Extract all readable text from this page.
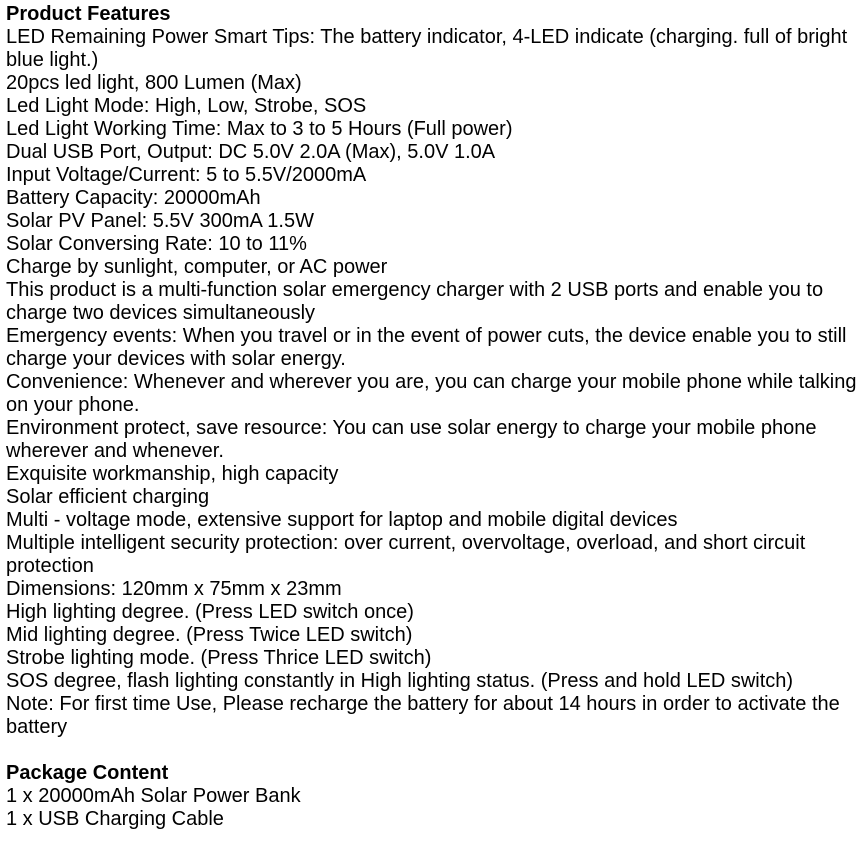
Product Features

LED Remaining Power Smart Tips: The battery indicator, 4-LED indicate (charging. full of bright blue light.)

20pcs led light, 800 Lumen (Max)

Led Light Mode: High, Low, Strobe, SOS

Led Light Working Time: Max to 3 to 5 Hours (Full power)

Dual USB Port, Output: DC 5.0V 2.0A (Max), 5.0V 1.0A

Input Voltage/Current: 5 to 5.5V/2000mA

Battery Capacity: 20000mAh

Solar PV Panel: 5.5V 300mA 1.5W

Solar Conversing Rate: 10 to 11%

Charge by sunlight, computer, or AC power

This product is a multi-function solar emergency charger with 2 USB ports and enable you to charge two devices simultaneously

Emergency events: When you travel or in the event of power cuts, the device enable you to still charge your devices with solar energy.

Convenience: Whenever and wherever you are, you can charge your mobile phone while talking on your phone.

Environment protect, save resource: You can use solar energy to charge your mobile phone wherever and whenever.

Exquisite workmanship, high capacity

Solar efficient charging

Multi - voltage mode, extensive support for laptop and mobile digital devices

Multiple intelligent security protection: over current, overvoltage, overload, and short circuit protection

Dimensions: 120mm x 75mm x 23mm

High lighting degree. (Press LED switch once)

Mid lighting degree. (Press Twice LED switch)

Strobe lighting mode. (Press Thrice LED switch)

SOS degree, flash lighting constantly in High lighting status. (Press and hold LED switch)

Note: For first time Use, Please recharge the battery for about 14 hours in order to activate the battery

Package Content

1 x 20000mAh Solar Power Bank

1 x USB Charging Cable
